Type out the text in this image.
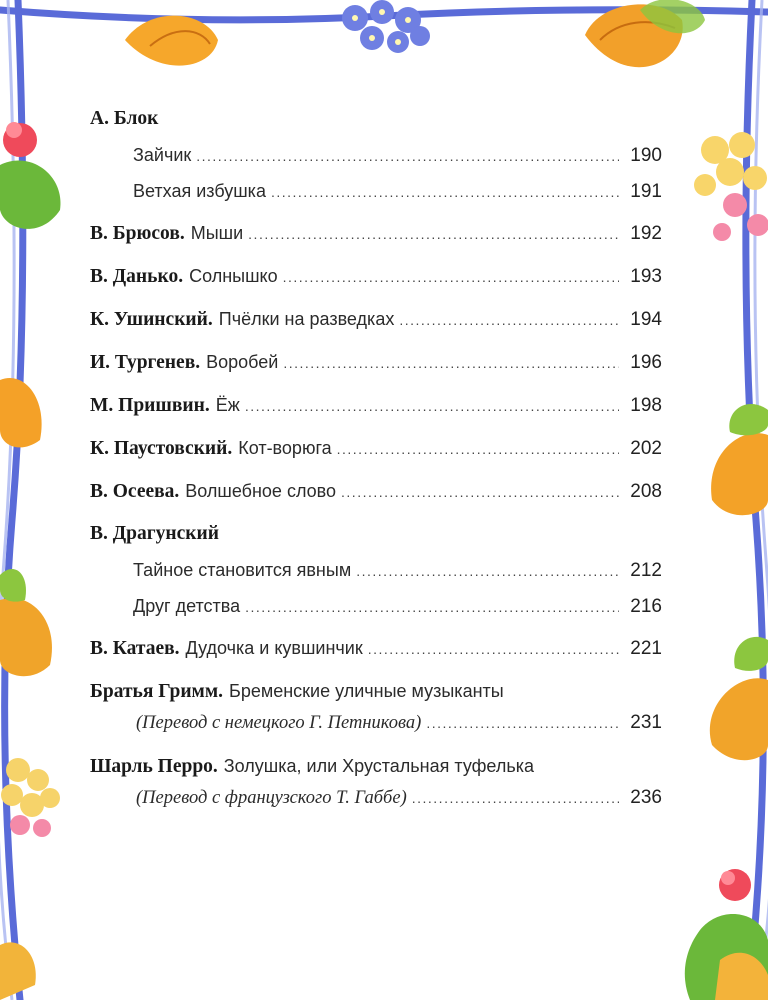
А. Блок
Зайчик .....	190
Ветхая избушка .....	191
В. Брюсов. Мыши .....	192
В. Данько. Солнышко .....	193
К. Ушинский. Пчёлки на разведках .....	194
И. Тургенев. Воробей .....	196
М. Пришвин. Ёж .....	198
К. Паустовский. Кот-ворюга .....	202
В. Осеева. Волшебное слово .....	208
В. Драгунский
Тайное становится явным .....	212
Друг детства .....	216
В. Катаев. Дудочка и кувшинчик .....	221
Братья Гримм. Бременские уличные музыканты
(Перевод с немецкого Г. Петникова) .....	231
Шарль Перро. Золушка, или Хрустальная туфелька
(Перевод с французского Т. Габбе) .....	236
